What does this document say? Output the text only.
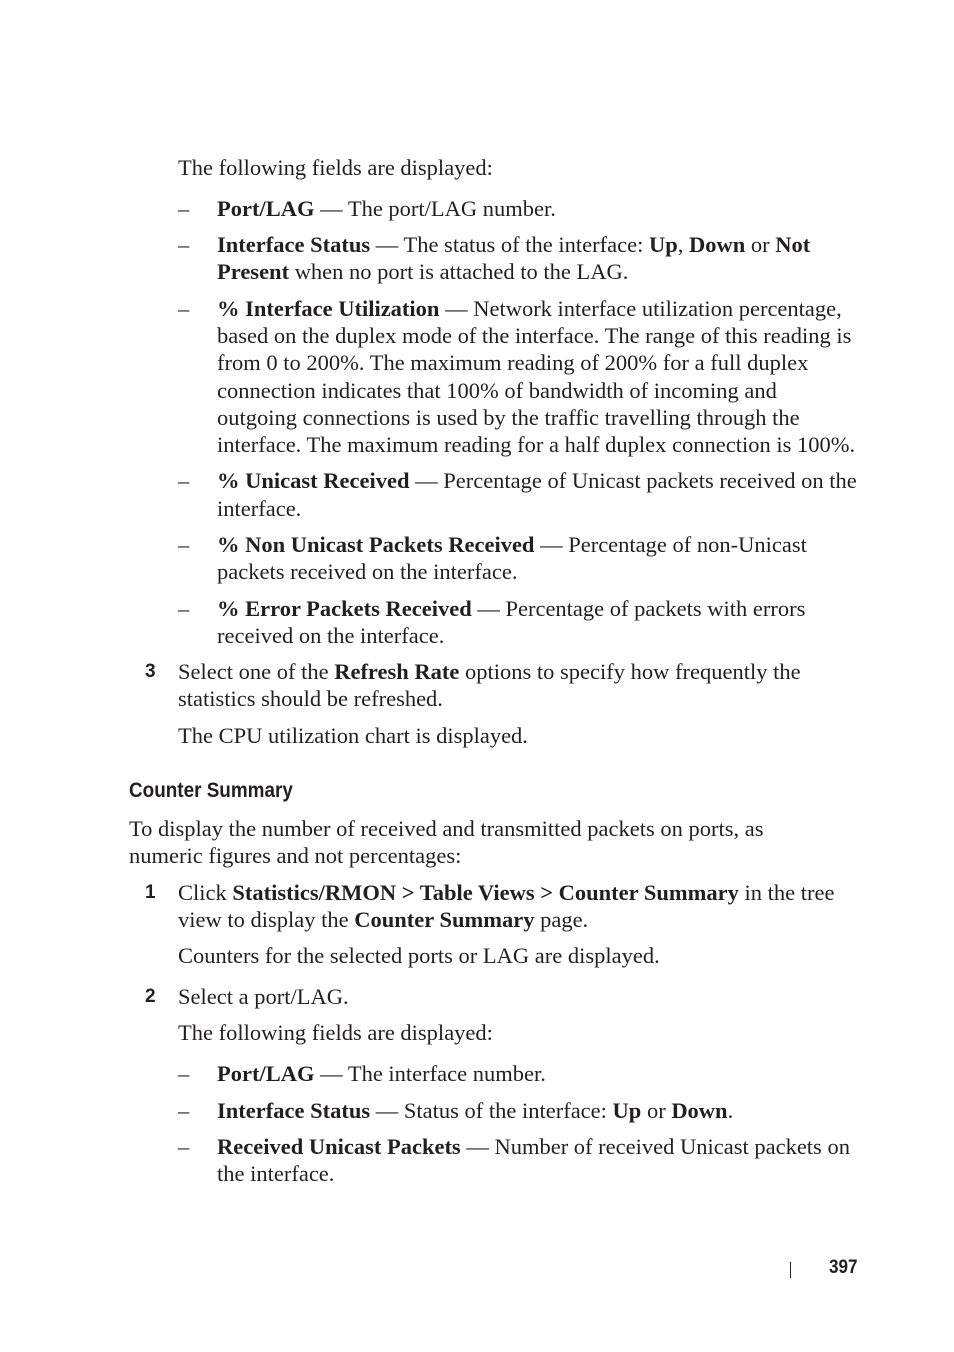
The following fields are displayed:
– Port/LAG — The port/LAG number.
– Interface Status — The status of the interface: Up, Down or Not
Present when no port is attached to the LAG.
– % Interface Utilization — Network interface utilization percentage,
based on the duplex mode of the interface. The range of this reading is
from 0 to 200%. The maximum reading of 200% for a full duplex
connection indicates that 100% of bandwidth of incoming and
outgoing connections is used by the traffic travelling through the
interface. The maximum reading for a half duplex connection is 100%.
– % Unicast Received — Percentage of Unicast packets received on the
interface.
– % Non Unicast Packets Received — Percentage of non-Unicast
packets received on the interface.
– % Error Packets Received — Percentage of packets with errors
received on the interface.
3 Select one of the Refresh Rate options to specify how frequently the
statistics should be refreshed.
The CPU utilization chart is displayed.
Counter Summary
To display the number of received and transmitted packets on ports, as
numeric figures and not percentages:
1 Click Statistics/RMON > Table Views > Counter Summary in the tree
view to display the Counter Summary page.
Counters for the selected ports or LAG are displayed.
2 Select a port/LAG.
The following fields are displayed:
– Port/LAG — The interface number.
– Interface Status — Status of the interface: Up or Down.
– Received Unicast Packets — Number of received Unicast packets on
the interface.
397
